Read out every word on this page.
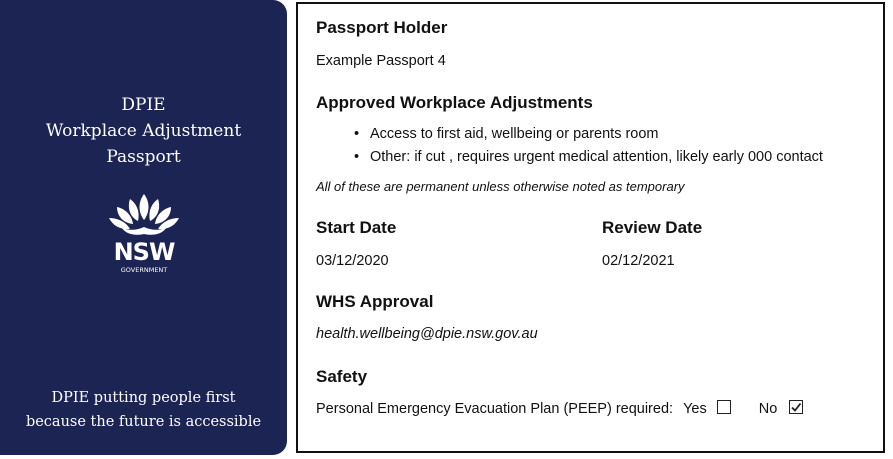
DPIE
Workplace Adjustment
Passport
NSW
GOVERNMENT
DPIE putting people first
because the future is accessible
Passport Holder
Example Passport 4
Approved Workplace Adjustments
• Access to first aid, wellbeing or parents room
• Other: if cut , requires urgent medical attention, likely early 000 contact
All of these are permanent unless otherwise noted as temporary
Start Date
03/12/2020
Review Date
02/12/2021
WHS Approval
health.wellbeing@dpie.nsw.gov.au
Safety
Personal Emergency Evacuation Plan (PEEP) required: Yes	No
